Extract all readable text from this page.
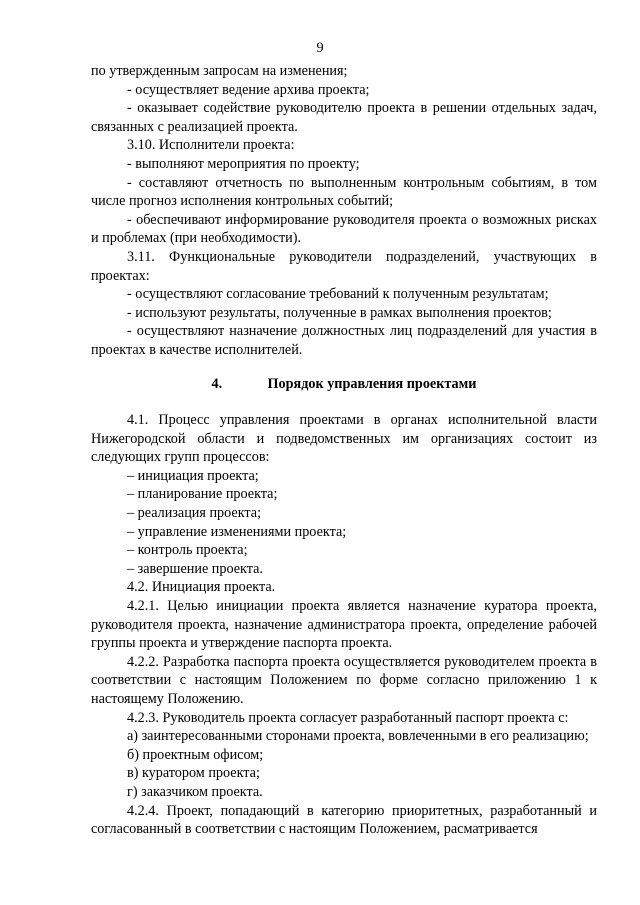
9

по утвержденным запросам на изменения;

- осуществляет ведение архива проекта;

- оказывает содействие руководителю проекта в решении отдельных задач, связанных с реализацией проекта.

3.10. Исполнители проекта:

- выполняют мероприятия по проекту;

- составляют отчетность по выполненным контрольным событиям, в том числе прогноз исполнения контрольных событий;

- обеспечивают информирование руководителя проекта о возможных рисках и проблемах (при необходимости).

3.11. Функциональные руководители подразделений, участвующих в проектах:

- осуществляют согласование требований к полученным результатам;

- используют результаты, полученные в рамках выполнения проектов;

- осуществляют назначение должностных лиц подразделений для участия в проектах в качестве исполнителей.

4.	Порядок управления проектами

4.1. Процесс управления проектами в органах исполнительной власти Нижегородской области и подведомственных им организациях состоит из следующих групп процессов:

– инициация проекта;

– планирование проекта;

– реализация проекта;

– управление изменениями проекта;

– контроль проекта;

– завершение проекта.

4.2. Инициация проекта.

4.2.1. Целью инициации проекта является назначение куратора проекта, руководителя проекта, назначение администратора проекта, определение рабочей группы проекта и утверждение паспорта проекта.

4.2.2. Разработка паспорта проекта осуществляется руководителем проекта в соответствии с настоящим Положением по форме согласно приложению 1 к настоящему Положению.

4.2.3. Руководитель проекта согласует разработанный паспорт проекта с:

а) заинтересованными сторонами проекта, вовлеченными в его реализацию;

б) проектным офисом;

в) куратором проекта;

г) заказчиком проекта.

4.2.4. Проект, попадающий в категорию приоритетных, разработанный и согласованный в соответствии с настоящим Положением, расматривается
